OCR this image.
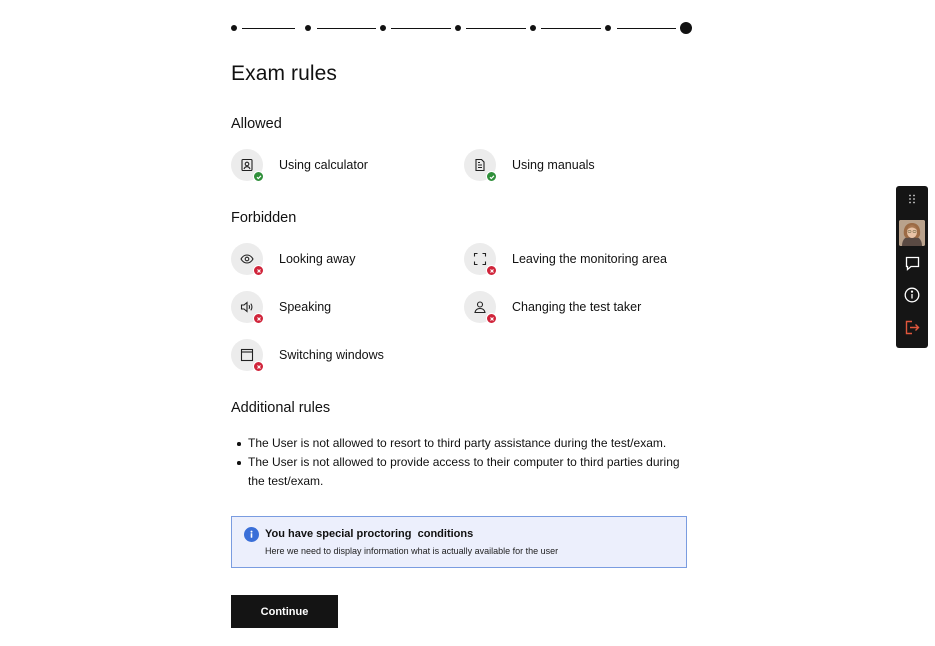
Exam rules
Allowed
Using calculator	Using manuals
Forbidden
Looking away	Leaving the monitoring area
Speaking	Changing the test taker
Switching windows
Additional rules
The User is not allowed to resort to third party assistance during the test/exam.
The User is not allowed to provide access to their computer to third parties during the test/exam.
You have special proctoring  conditions
Here we need to display information what is actually available for the user
Continue
